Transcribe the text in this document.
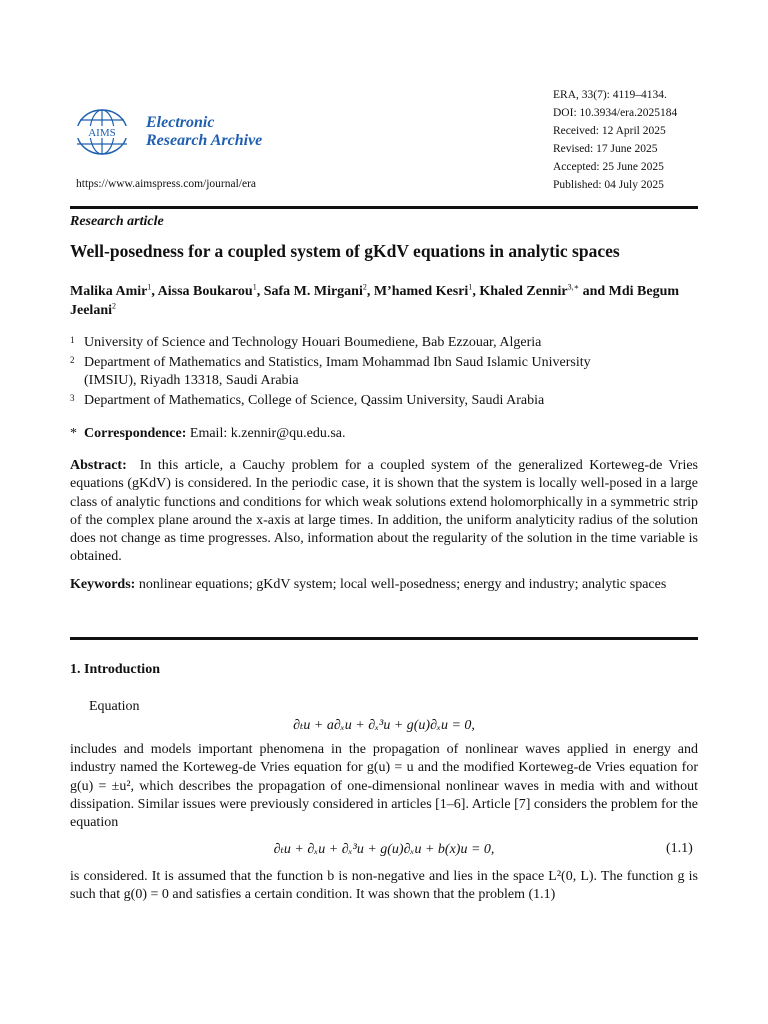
AIMS
Electronic
Research Archive
https://www.aimspress.com/journal/era
ERA, 33(7): 4119–4134.
DOI: 10.3934/era.2025184
Received: 12 April 2025
Revised: 17 June 2025
Accepted: 25 June 2025
Published: 04 July 2025
Research article
Well-posedness for a coupled system of gKdV equations in analytic spaces
Malika Amir$^1$, Aissa Boukarou$^1$, Safa M. Mirgani$^2$, M’hamed Kesri$^1$, Khaled Zennir$^{3,∗}$ and Mdi Begum Jeelani$^2$
1 University of Science and Technology Houari Boumediene, Bab Ezzouar, Algeria
2 Department of Mathematics and Statistics, Imam Mohammad Ibn Saud Islamic University
(IMSIU), Riyadh 13318, Saudi Arabia
3 Department of Mathematics, College of Science, Qassim University, Saudi Arabia
* Correspondence: Email: k.zennir@qu.edu.sa.
Abstract: In this article, a Cauchy problem for a coupled system of the generalized Korteweg-de Vries equations (gKdV) is considered. In the periodic case, it is shown that the system is locally well-posed in a large class of analytic functions and conditions for which weak solutions extend holomorphically in a symmetric strip of the complex plane around the x-axis at large times. In addition, the uniform analyticity radius of the solution does not change as time progresses. Also, information about the regularity of the solution in the time variable is obtained.
Keywords: nonlinear equations; gKdV system; local well-posedness; energy and industry; analytic spaces
1. Introduction
Equation
∂ₜu + a∂ₓu + ∂ₓ³u + g(u)∂ₓu = 0,
includes and models important phenomena in the propagation of nonlinear waves applied in energy and industry named the Korteweg-de Vries equation for g(u) = u and the modified Korteweg-de Vries equation for g(u) = ±u², which describes the propagation of one-dimensional nonlinear waves in media with and without dissipation. Similar issues were previously considered in articles [1–6]. Article [7] considers the problem for the equation
∂ₜu + ∂ₓu + ∂ₓ³u + g(u)∂ₓu + b(x)u = 0,	(1.1)
is considered. It is assumed that the function b is non-negative and lies in the space L²(0, L). The function g is such that g(0) = 0 and satisfies a certain condition. It was shown that the problem (1.1)
